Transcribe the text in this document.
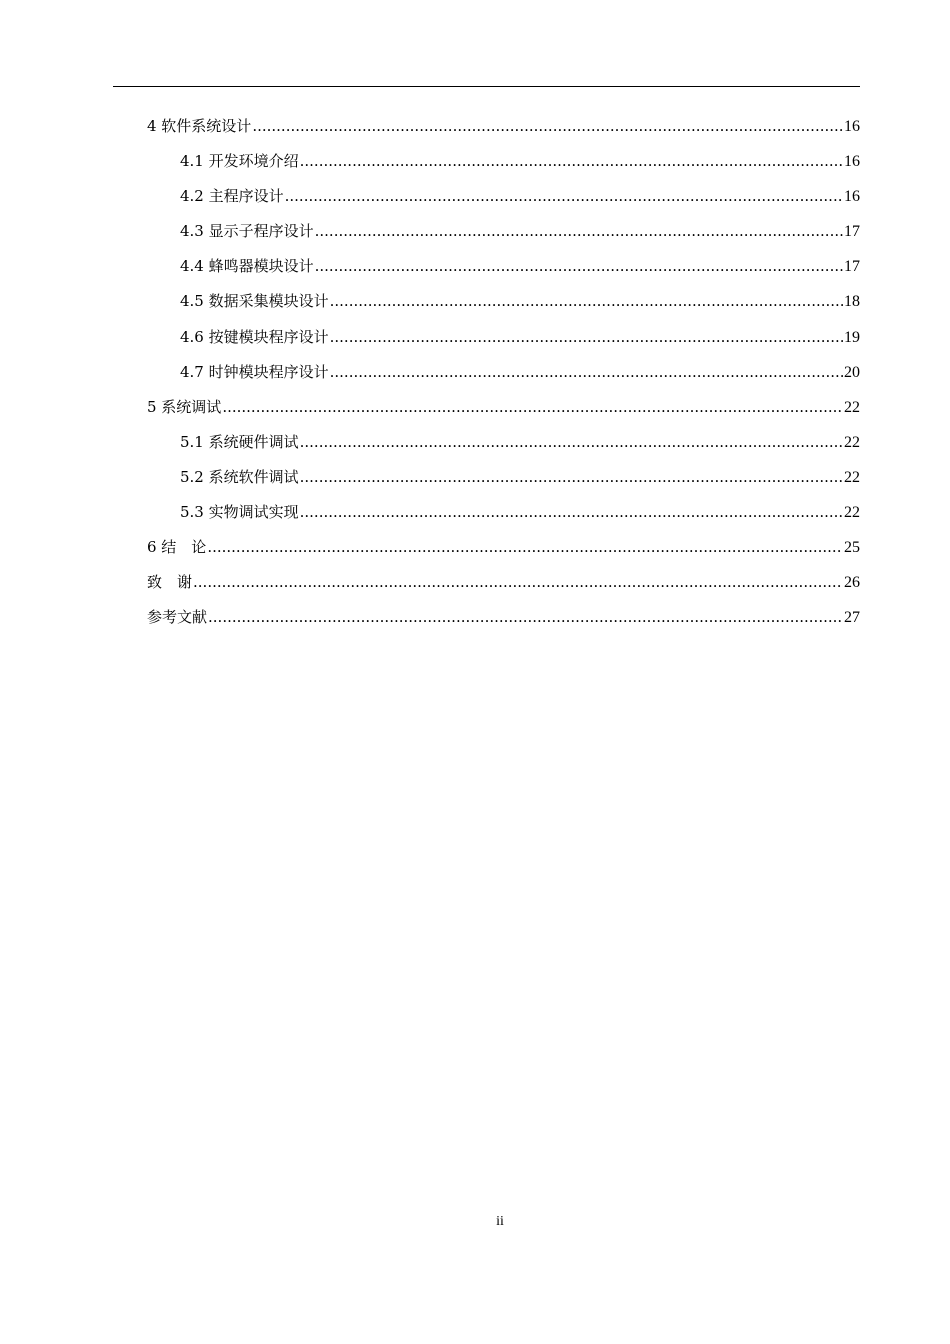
4 软件系统设计 .....	16
4.1 开发环境介绍 .....	16
4.2 主程序设计 .....	16
4.3 显示子程序设计 .....	17
4.4 蜂鸣器模块设计 .....	17
4.5 数据采集模块设计 .....	18
4.6 按键模块程序设计 .....	19
4.7 时钟模块程序设计 .....	20
5 系统调试 .....	22
5.1 系统硬件调试 .....	22
5.2 系统软件调试 .....	22
5.3 实物调试实现 .....	22
6 结　论 .....	25
致　谢 .....	26
参考文献 .....	27
ii
